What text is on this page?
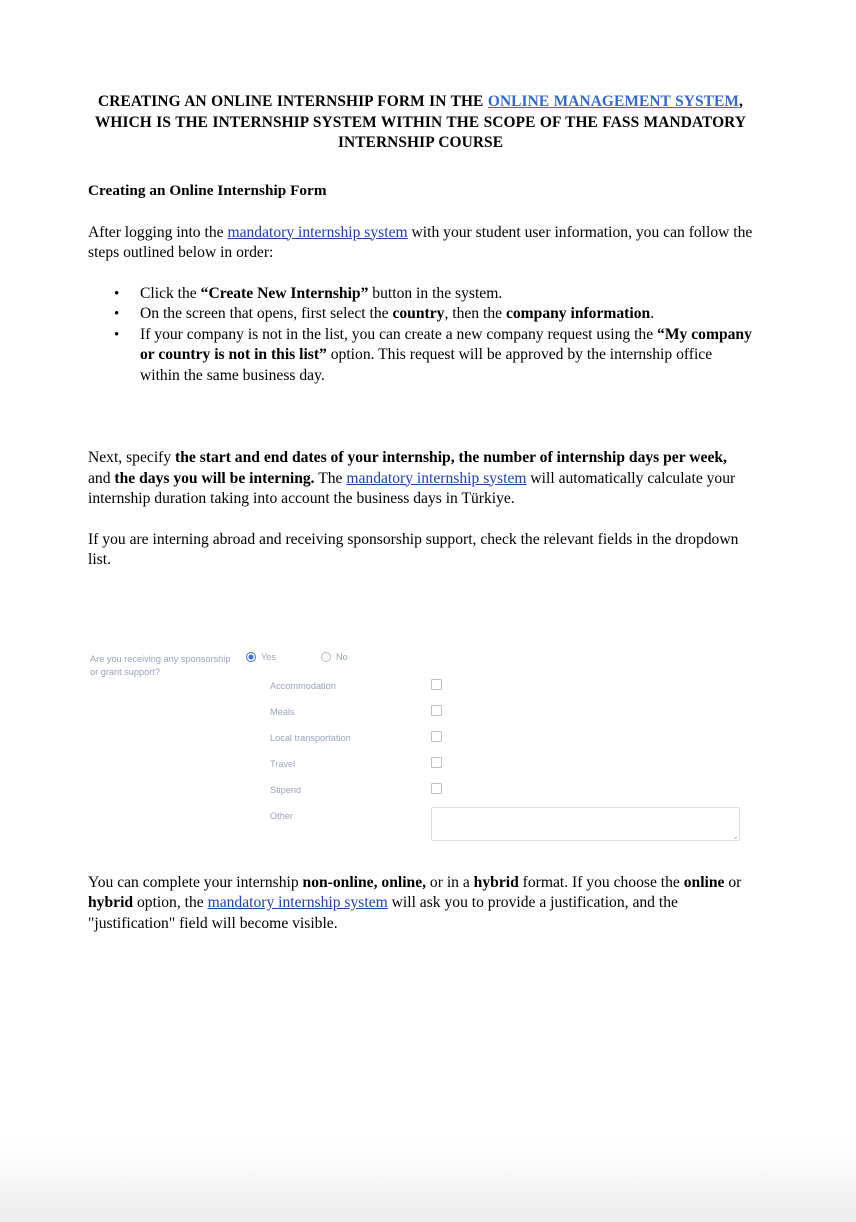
CREATING AN ONLINE INTERNSHIP FORM IN THE ONLINE MANAGEMENT SYSTEM, WHICH IS THE INTERNSHIP SYSTEM WITHIN THE SCOPE OF THE FASS MANDATORY INTERNSHIP COURSE
Creating an Online Internship Form

After logging into the mandatory internship system with your student user information, you can follow the steps outlined below in order:

• Click the “Create New Internship” button in the system.
• On the screen that opens, first select the country, then the company information.
• If your company is not in the list, you can create a new company request using the “My company or country is not in this list” option. This request will be approved by the internship office within the same business day.

Next, specify the start and end dates of your internship, the number of internship days per week, and the days you will be interning. The mandatory internship system will automatically calculate your internship duration taking into account the business days in Türkiye.

If you are interning abroad and receiving sponsorship support, check the relevant fields in the dropdown list.

Are you receiving any sponsorship or grant support?
Yes	No
Accommodation
Meals
Local transportation
Travel
Stipend
Other

You can complete your internship non-online, online, or in a hybrid format. If you choose the online or hybrid option, the mandatory internship system will ask you to provide a justification, and the "justification" field will become visible.
